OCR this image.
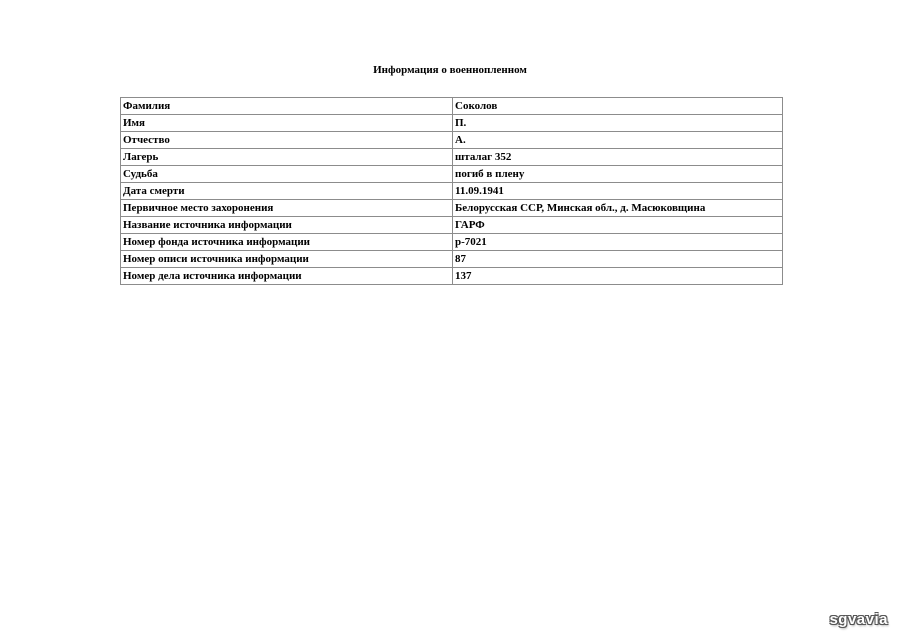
Информация о военнопленном
Фамилия	Соколов
Имя	П.
Отчество	А.
Лагерь	шталаг 352
Судьба	погиб в плену
Дата смерти	11.09.1941
Первичное место захоронения	Белорусская ССР, Минская обл., д. Масюковщина
Название источника информации	ГАРФ
Номер фонда источника информации	р-7021
Номер описи источника информации	87
Номер дела источника информации	137
sgvavia
